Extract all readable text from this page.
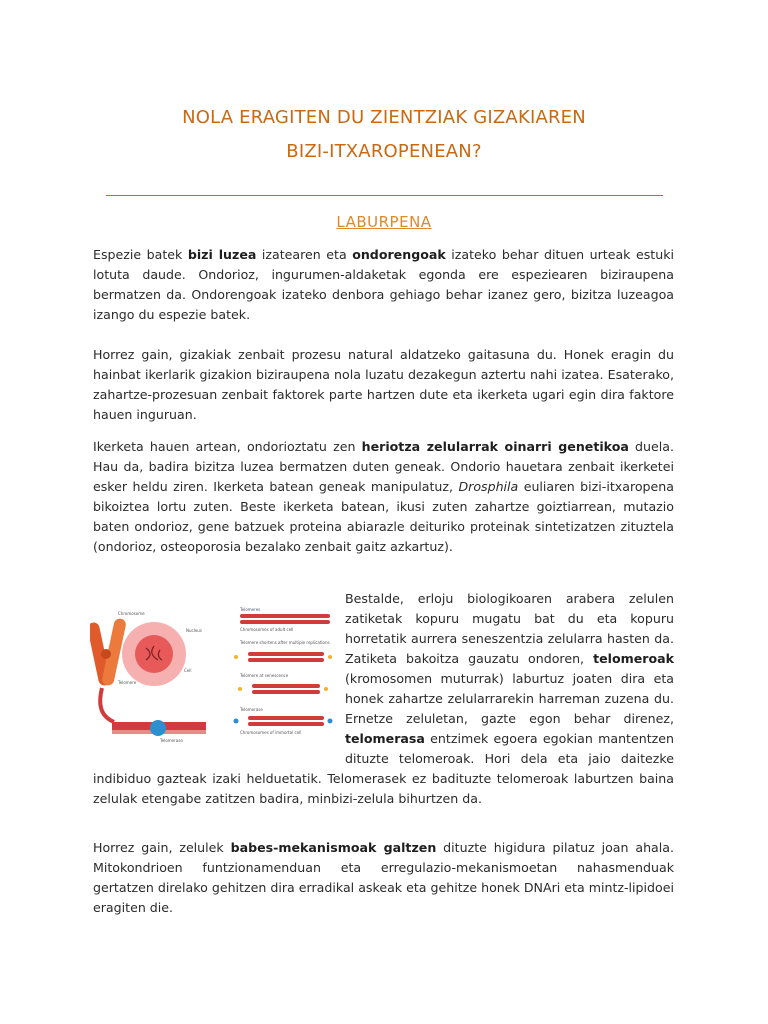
NOLA ERAGITEN DU ZIENTZIAK GIZAKIAREN
BIZI-ITXAROPENEAN?
LABURPENA

Espezie batek bizi luzea izatearen eta ondorengoak izateko behar dituen urteak estuki lotuta daude. Ondorioz, ingurumen-aldaketak egonda ere espeziearen biziraupena bermatzen da. Ondorengoak izateko denbora gehiago behar izanez gero, bizitza luzeagoa izango du espezie batek.

Horrez gain, gizakiak zenbait prozesu natural aldatzeko gaitasuna du. Honek eragin du hainbat ikerlarik gizakion biziraupena nola luzatu dezakegun aztertu nahi izatea. Esaterako, zahartze-prozesuan zenbait faktorek parte hartzen dute eta ikerketa ugari egin dira faktore hauen inguruan.

Ikerketa hauen artean, ondorioztatu zen heriotza zelularrak oinarri genetikoa duela. Hau da, badira bizitza luzea bermatzen duten geneak. Ondorio hauetara zenbait ikerketei esker heldu ziren. Ikerketa batean geneak manipulatuz, Drosphila euliaren bizi-itxaropena bikoiztea lortu zuten. Beste ikerketa batean, ikusi zuten zahartze goiztiarrean, mutazio baten ondorioz, gene batzuek proteina abiarazle deituriko proteinak sintetizatzen zituztela (ondorioz, osteoporosia bezalako zenbait gaitz azkartuz).

Telomerase
Chromosome
Nucleus
Cell
Telomere
Telomeres
Chromosomes of adult cell
Telomere shortens after multiple replications
Telomere at senescence
Telomerase
Chromosomes of immortal cell

Bestalde, erloju biologikoaren arabera zelulen zatiketak kopuru mugatu bat du eta kopuru horretatik aurrera seneszentzia zelularra hasten da. Zatiketa bakoitza gauzatu ondoren, telomeroak (kromosomen muturrak) laburtuz joaten dira eta honek zahartze zelularrarekin harreman zuzena du. Ernetze zeluletan, gazte egon behar direnez, telomerasa entzimek egoera egokian mantentzen dituzte telomeroak. Hori dela eta jaio daitezke indibiduo gazteak izaki helduetatik. Telomerasek ez badituzte telomeroak laburtzen baina zelulak etengabe zatitzen badira, minbizi-zelula bihurtzen da.

Horrez gain, zelulek babes-mekanismoak galtzen dituzte higidura pilatuz joan ahala. Mitokondrioen funtzionamenduan eta erregulazio-mekanismoetan nahasmenduak gertatzen direlako gehitzen dira erradikal askeak eta gehitze honek DNAri eta mintz-lipidoei eragiten die.
